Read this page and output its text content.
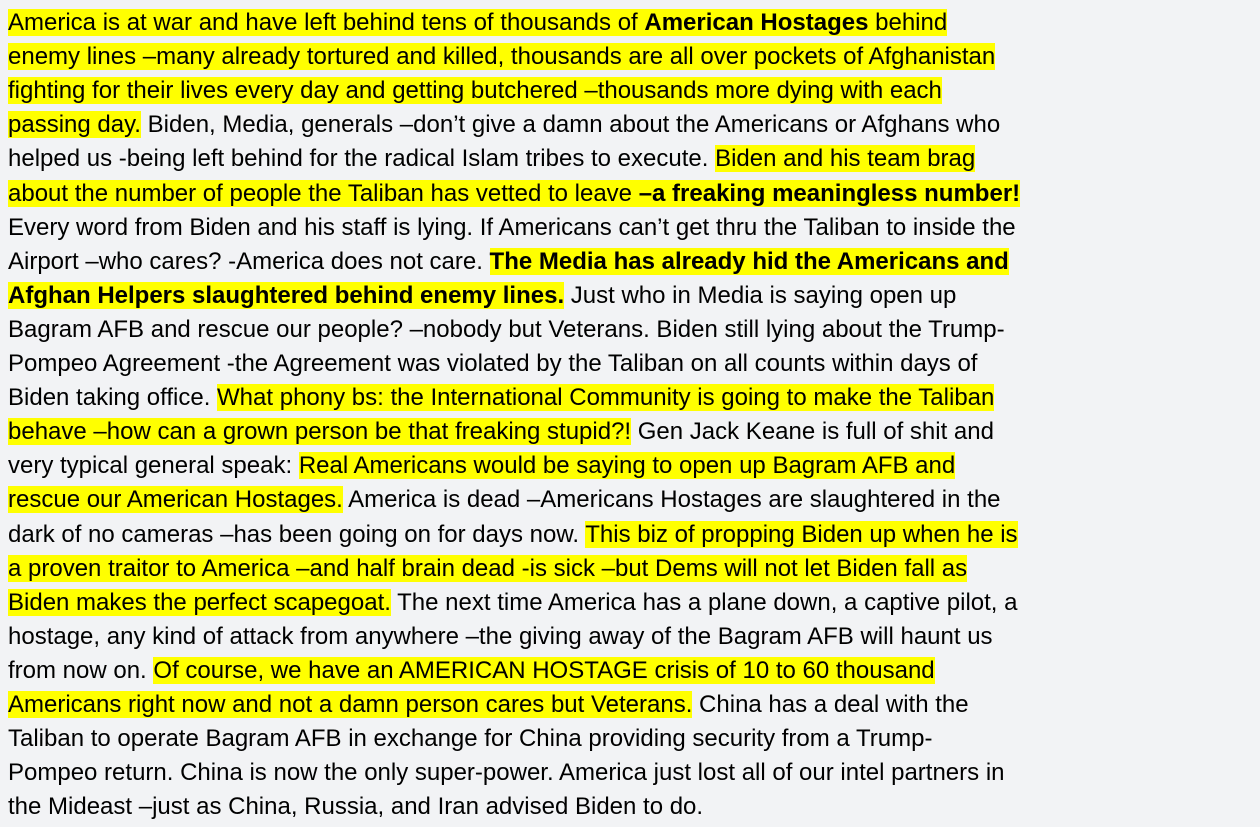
America is at war and have left behind tens of thousands of American Hostages behind
enemy lines –many already tortured and killed, thousands are all over pockets of Afghanistan
fighting for their lives every day and getting butchered –thousands more dying with each
passing day. Biden, Media, generals –don’t give a damn about the Americans or Afghans who
helped us -being left behind for the radical Islam tribes to execute. Biden and his team brag
about the number of people the Taliban has vetted to leave –a freaking meaningless number!
Every word from Biden and his staff is lying. If Americans can’t get thru the Taliban to inside the
Airport –who cares? -America does not care. The Media has already hid the Americans and
Afghan Helpers slaughtered behind enemy lines. Just who in Media is saying open up
Bagram AFB and rescue our people? –nobody but Veterans. Biden still lying about the Trump-
Pompeo Agreement -the Agreement was violated by the Taliban on all counts within days of
Biden taking office. What phony bs: the International Community is going to make the Taliban
behave –how can a grown person be that freaking stupid?! Gen Jack Keane is full of shit and
very typical general speak: Real Americans would be saying to open up Bagram AFB and
rescue our American Hostages. America is dead –Americans Hostages are slaughtered in the
dark of no cameras –has been going on for days now. This biz of propping Biden up when he is
a proven traitor to America –and half brain dead -is sick –but Dems will not let Biden fall as
Biden makes the perfect scapegoat. The next time America has a plane down, a captive pilot, a
hostage, any kind of attack from anywhere –the giving away of the Bagram AFB will haunt us
from now on. Of course, we have an AMERICAN HOSTAGE crisis of 10 to 60 thousand
Americans right now and not a damn person cares but Veterans. China has a deal with the
Taliban to operate Bagram AFB in exchange for China providing security from a Trump-
Pompeo return. China is now the only super-power. America just lost all of our intel partners in
the Mideast –just as China, Russia, and Iran advised Biden to do.
